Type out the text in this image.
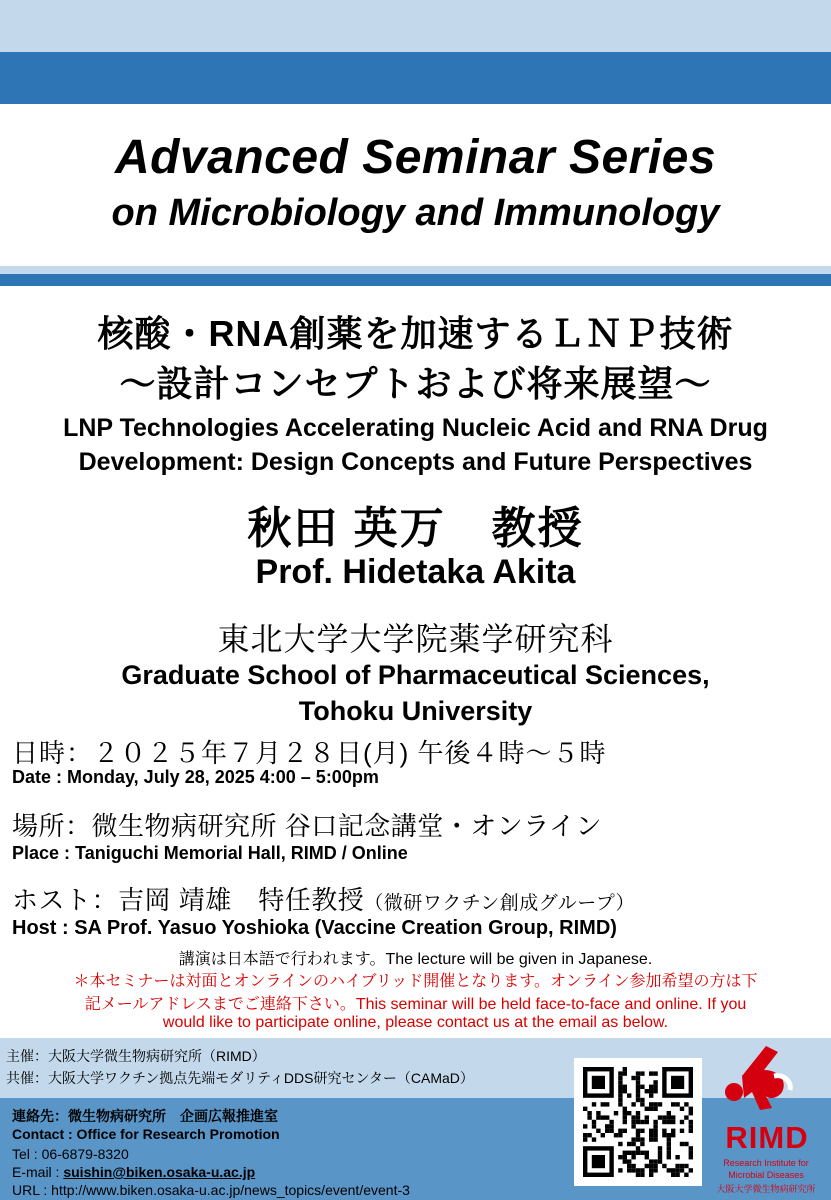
Advanced Seminar Series
on Microbiology and Immunology
核酸・RNA創薬を加速するＬＮＰ技術
～設計コンセプトおよび将来展望～
LNP Technologies Accelerating Nucleic Acid and RNA Drug
Development: Design Concepts and Future Perspectives
秋田 英万　教授
Prof. Hidetaka Akita
東北大学大学院薬学研究科
Graduate School of Pharmaceutical Sciences,
Tohoku University
日時：２０２５年７月２８日(月) 午後４時～５時
Date : Monday, July 28, 2025 4:00 – 5:00pm
場所：微生物病研究所 谷口記念講堂・オンライン
Place : Taniguchi Memorial Hall, RIMD / Online
ホスト：吉岡 靖雄　特任教授（微研ワクチン創成グループ）
Host : SA Prof. Yasuo Yoshioka (Vaccine Creation Group, RIMD)
講演は日本語で行われます。The lecture will be given in Japanese.
＊本セミナーは対面とオンラインのハイブリッド開催となります。オンライン参加希望の方は下
記メールアドレスまでご連絡下さい。This seminar will be held face-to-face and online. If you
would like to participate online, please contact us at the email as below.
主催：大阪大学微生物病研究所（RIMD）
共催：大阪大学ワクチン拠点先端モダリティDDS研究センター（CAMaD）
連絡先：微生物病研究所　企画広報推進室
Contact : Office for Research Promotion
Tel : 06-6879-8320
E-mail : suishin@biken.osaka-u.ac.jp
URL : http://www.biken.osaka-u.ac.jp/news_topics/event/event-3
RIMD
Research Institute for
Microbial Diseases
大阪大学微生物病研究所
